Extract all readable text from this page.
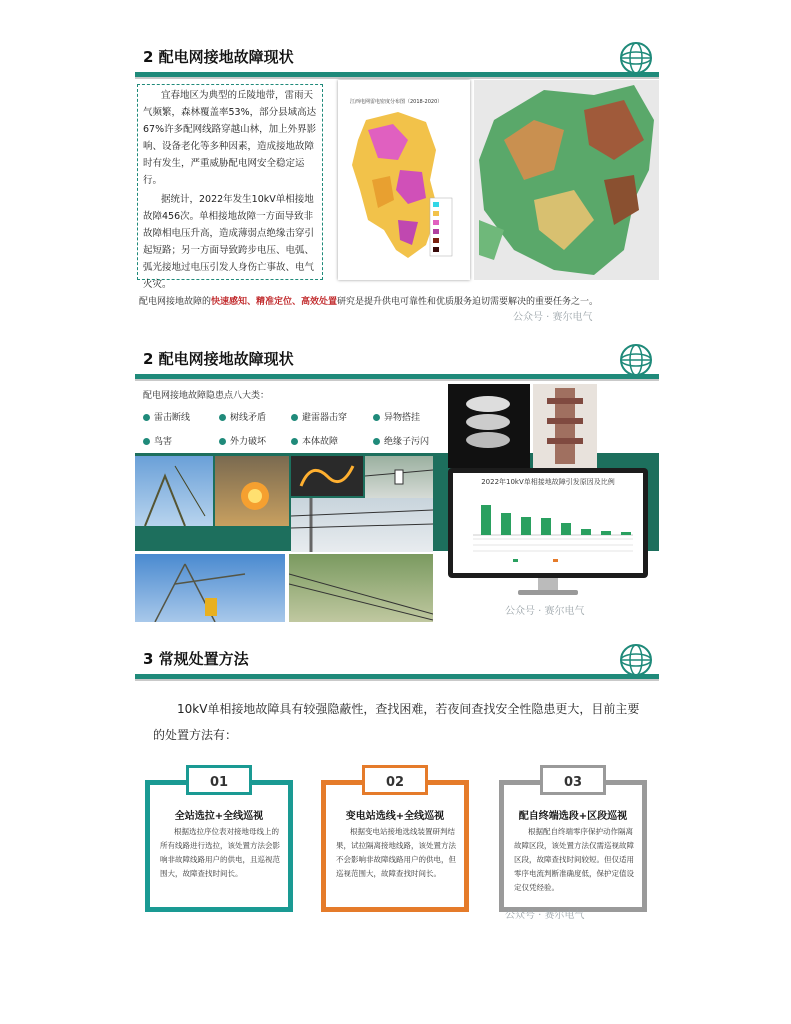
2 配电网接地故障现状

宜春地区为典型的丘陵地带，雷雨天气频繁，森林覆盖率53%，部分县域高达67%许多配网线路穿越山林，加上外界影响、设备老化等多种因素，造成接地故障时有发生，严重威胁配电网安全稳定运行。

据统计，2022年发生10kV单相接地故障456次。单相接地故障一方面导致非故障相电压升高，造成薄弱点绝缘击穿引起短路；另一方面导致跨步电压、电弧、弧光接地过电压引发人身伤亡事故、电气火灾。

江西电网雷电密度分布图（2018-2020）
配电网接地故障的快速感知、精准定位、高效处置研究是提升供电可靠性和优质服务迫切需要解决的重要任务之一。
公众号 · 赛尔电气
2 配电网接地故障现状
配电网接地故障隐患点八大类：
雷击断线	树线矛盾	避雷器击穿	异物搭挂
鸟害	外力破坏	本体故障	绝缘子污闪
2022年10kV单相接地故障引发原因及比例
公众号 · 赛尔电气
3 常规处置方法
10kV单相接地故障具有较强隐蔽性，查找困难，若夜间查找安全性隐患更大，目前主要的处置方法有：
01
全站选拉+全线巡视
根据选拉序位表对接地母线上的所有线路进行选拉，该处置方法会影响非故障线路用户的供电，且巡视范围大，故障查找时间长。
02
变电站选线+全线巡视
根据变电站接地选线装置研判结果，试拉隔离接地线路，该处置方法不会影响非故障线路用户的供电，但巡视范围大，故障查找时间长。
03
配自终端选段+区段巡视
根据配自终端零序保护动作隔离故障区段，该处置方法仅需巡视故障区段，故障查找时间较短。但仅适用零序电流判断准确度低，保护定值设定仅凭经验。
公众号 · 赛尔电气
